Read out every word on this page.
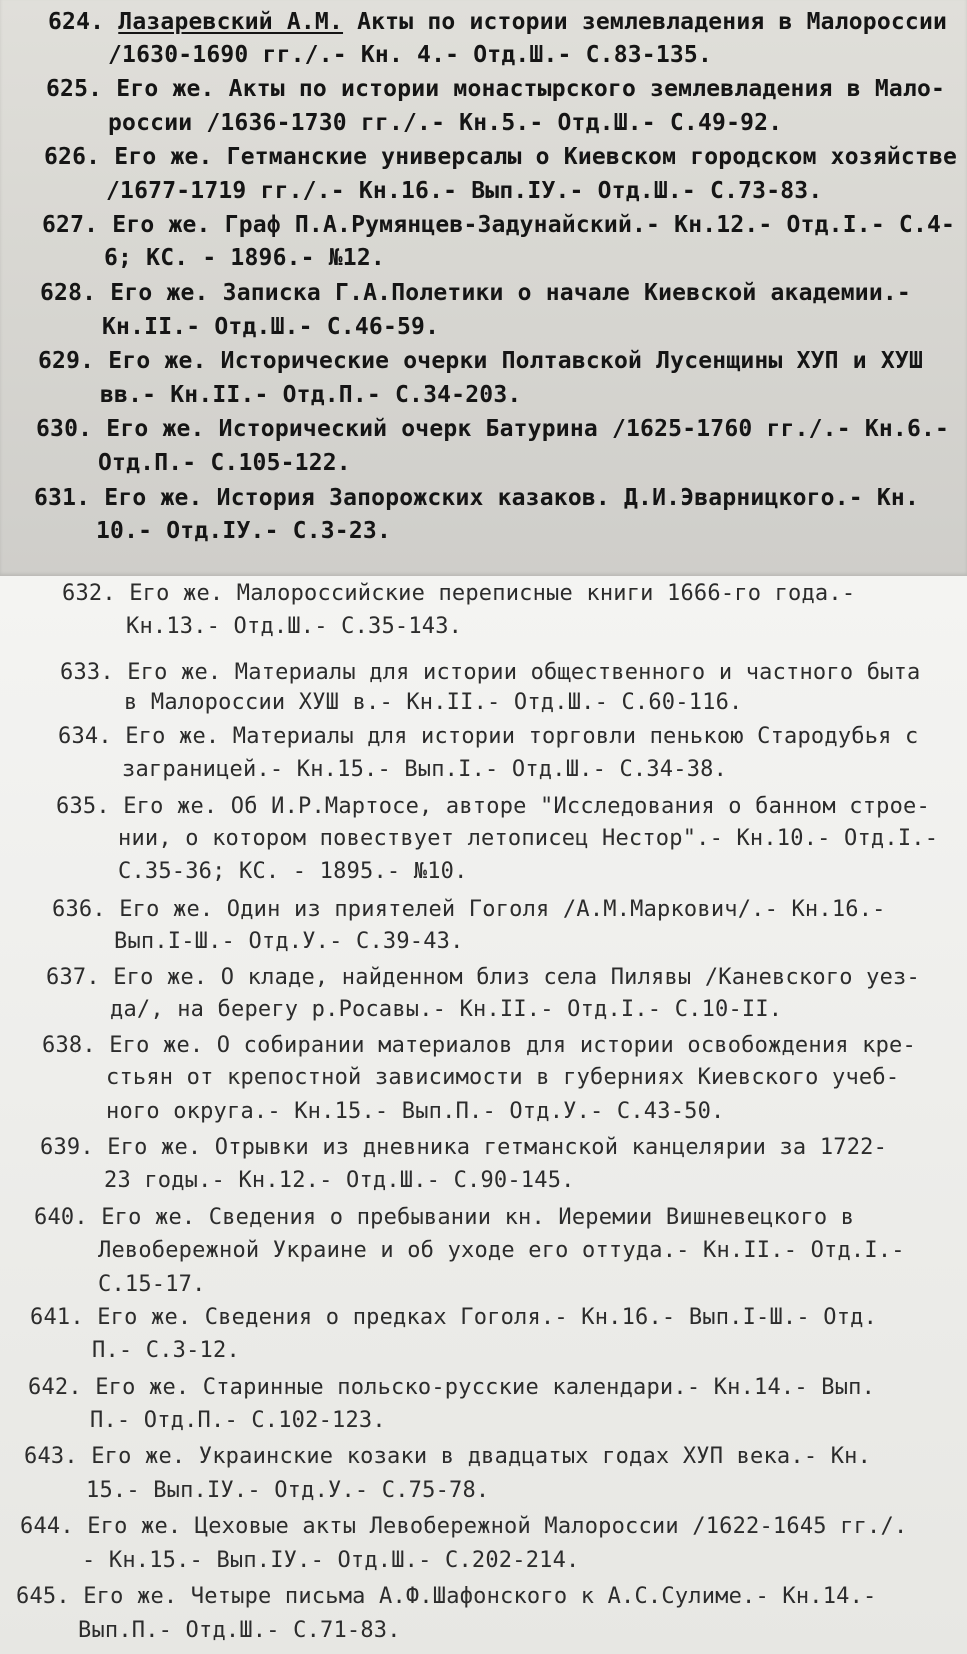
624. Лазаревский А.М. Акты по истории землевладения в Малороссии
/1630-1690 гг./.- Кн. 4.- Отд.Ш.- С.83-135.
625. Его же. Акты по истории монастырского землевладения в Мало-
россии /1636-1730 гг./.- Кн.5.- Отд.Ш.- С.49-92.
626. Его же. Гетманские универсалы о Киевском городском хозяйстве
/1677-1719 гг./.- Кн.16.- Вып.IУ.- Отд.Ш.- С.73-83.
627. Его же. Граф П.А.Румянцев-Задунайский.- Кн.12.- Отд.I.- С.4-
6; КС. - 1896.- №12.
628. Его же. Записка Г.А.Полетики о начале Киевской академии.-
Кн.II.- Отд.Ш.- С.46-59.
629. Его же. Исторические очерки Полтавской Лусенщины ХУП и ХУШ
вв.- Кн.II.- Отд.П.- С.34-203.
630. Его же. Исторический очерк Батурина /1625-1760 гг./.- Кн.6.-
Отд.П.- С.105-122.
631. Его же. История Запорожских казаков. Д.И.Эварницкого.- Кн.
10.- Отд.IУ.- С.3-23.
632. Его же. Малороссийские переписные книги 1666-го года.-
Кн.13.- Отд.Ш.- С.35-143.
633. Его же. Материалы для истории общественного и частного быта
в Малороссии ХУШ в.- Кн.II.- Отд.Ш.- С.60-116.
634. Его же. Материалы для истории торговли пенькою Стародубья с
заграницей.- Кн.15.- Вып.I.- Отд.Ш.- С.34-38.
635. Его же. Об И.Р.Мартосе, авторе "Исследования о банном строе-
нии, о котором повествует летописец Нестор".- Кн.10.- Отд.I.-
С.35-36; КС. - 1895.- №10.
636. Его же. Один из приятелей Гоголя /А.М.Маркович/.- Кн.16.-
Вып.I-Ш.- Отд.У.- С.39-43.
637. Его же. О кладе, найденном близ села Пилявы /Каневского уез-
да/, на берегу р.Росавы.- Кн.II.- Отд.I.- С.10-II.
638. Его же. О собирании материалов для истории освобождения кре-
стьян от крепостной зависимости в губерниях Киевского учеб-
ного округа.- Кн.15.- Вып.П.- Отд.У.- С.43-50.
639. Его же. Отрывки из дневника гетманской канцелярии за 1722-
23 годы.- Кн.12.- Отд.Ш.- С.90-145.
640. Его же. Сведения о пребывании кн. Иеремии Вишневецкого в
Левобережной Украине и об уходе его оттуда.- Кн.II.- Отд.I.-
С.15-17.
641. Его же. Сведения о предках Гоголя.- Кн.16.- Вып.I-Ш.- Отд.
П.- С.3-12.
642. Его же. Старинные польско-русские календари.- Кн.14.- Вып.
П.- Отд.П.- С.102-123.
643. Его же. Украинские козаки в двадцатых годах ХУП века.- Кн.
15.- Вып.IУ.- Отд.У.- С.75-78.
644. Его же. Цеховые акты Левобережной Малороссии /1622-1645 гг./.
- Кн.15.- Вып.IУ.- Отд.Ш.- С.202-214.
645. Его же. Четыре письма А.Ф.Шафонского к А.С.Сулиме.- Кн.14.-
Вып.П.- Отд.Ш.- С.71-83.
